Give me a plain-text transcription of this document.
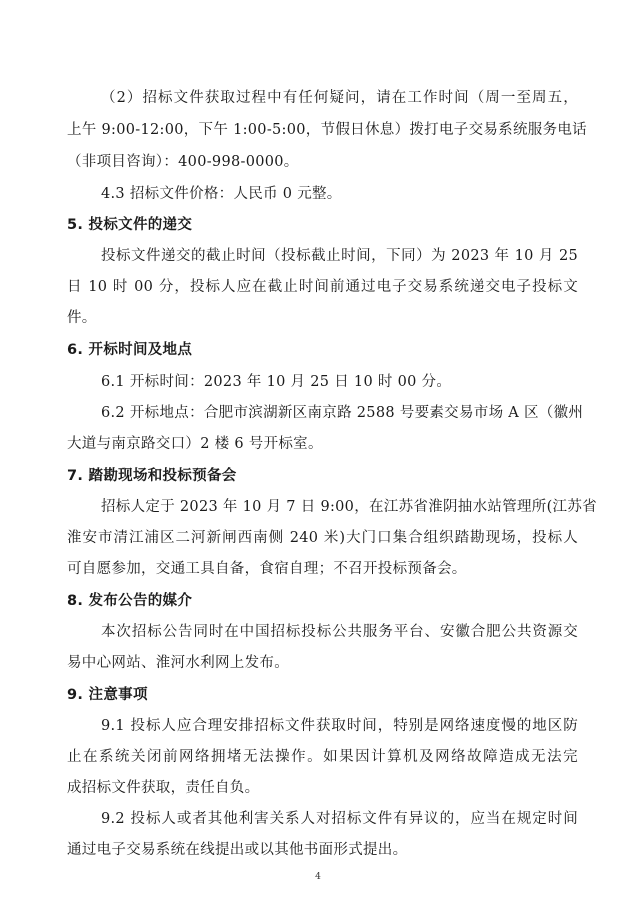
（2）招标文件获取过程中有任何疑问，请在工作时间（周一至周五，
上午 9:00-12:00，下午 1:00-5:00，节假日休息）拨打电子交易系统服务电话
（非项目咨询）：400-998-0000。
4.3 招标文件价格：人民币 0 元整。
5. 投标文件的递交
投标文件递交的截止时间（投标截止时间，下同）为 2023 年 10 月 25
日 10 时 00 分，投标人应在截止时间前通过电子交易系统递交电子投标文
件。
6. 开标时间及地点
6.1 开标时间：2023 年 10 月 25 日 10 时 00 分。
6.2 开标地点：合肥市滨湖新区南京路 2588 号要素交易市场 A 区（徽州
大道与南京路交口）2 楼 6 号开标室。
7. 踏勘现场和投标预备会
招标人定于 2023 年 10 月 7 日 9:00，在江苏省淮阴抽水站管理所(江苏省
淮安市清江浦区二河新闸西南侧 240 米)大门口集合组织踏勘现场，投标人
可自愿参加，交通工具自备，食宿自理；不召开投标预备会。
8. 发布公告的媒介
本次招标公告同时在中国招标投标公共服务平台、安徽合肥公共资源交
易中心网站、淮河水利网上发布。
9. 注意事项
9.1 投标人应合理安排招标文件获取时间，特别是网络速度慢的地区防
止在系统关闭前网络拥堵无法操作。如果因计算机及网络故障造成无法完
成招标文件获取，责任自负。
9.2 投标人或者其他利害关系人对招标文件有异议的，应当在规定时间
通过电子交易系统在线提出或以其他书面形式提出。
4
